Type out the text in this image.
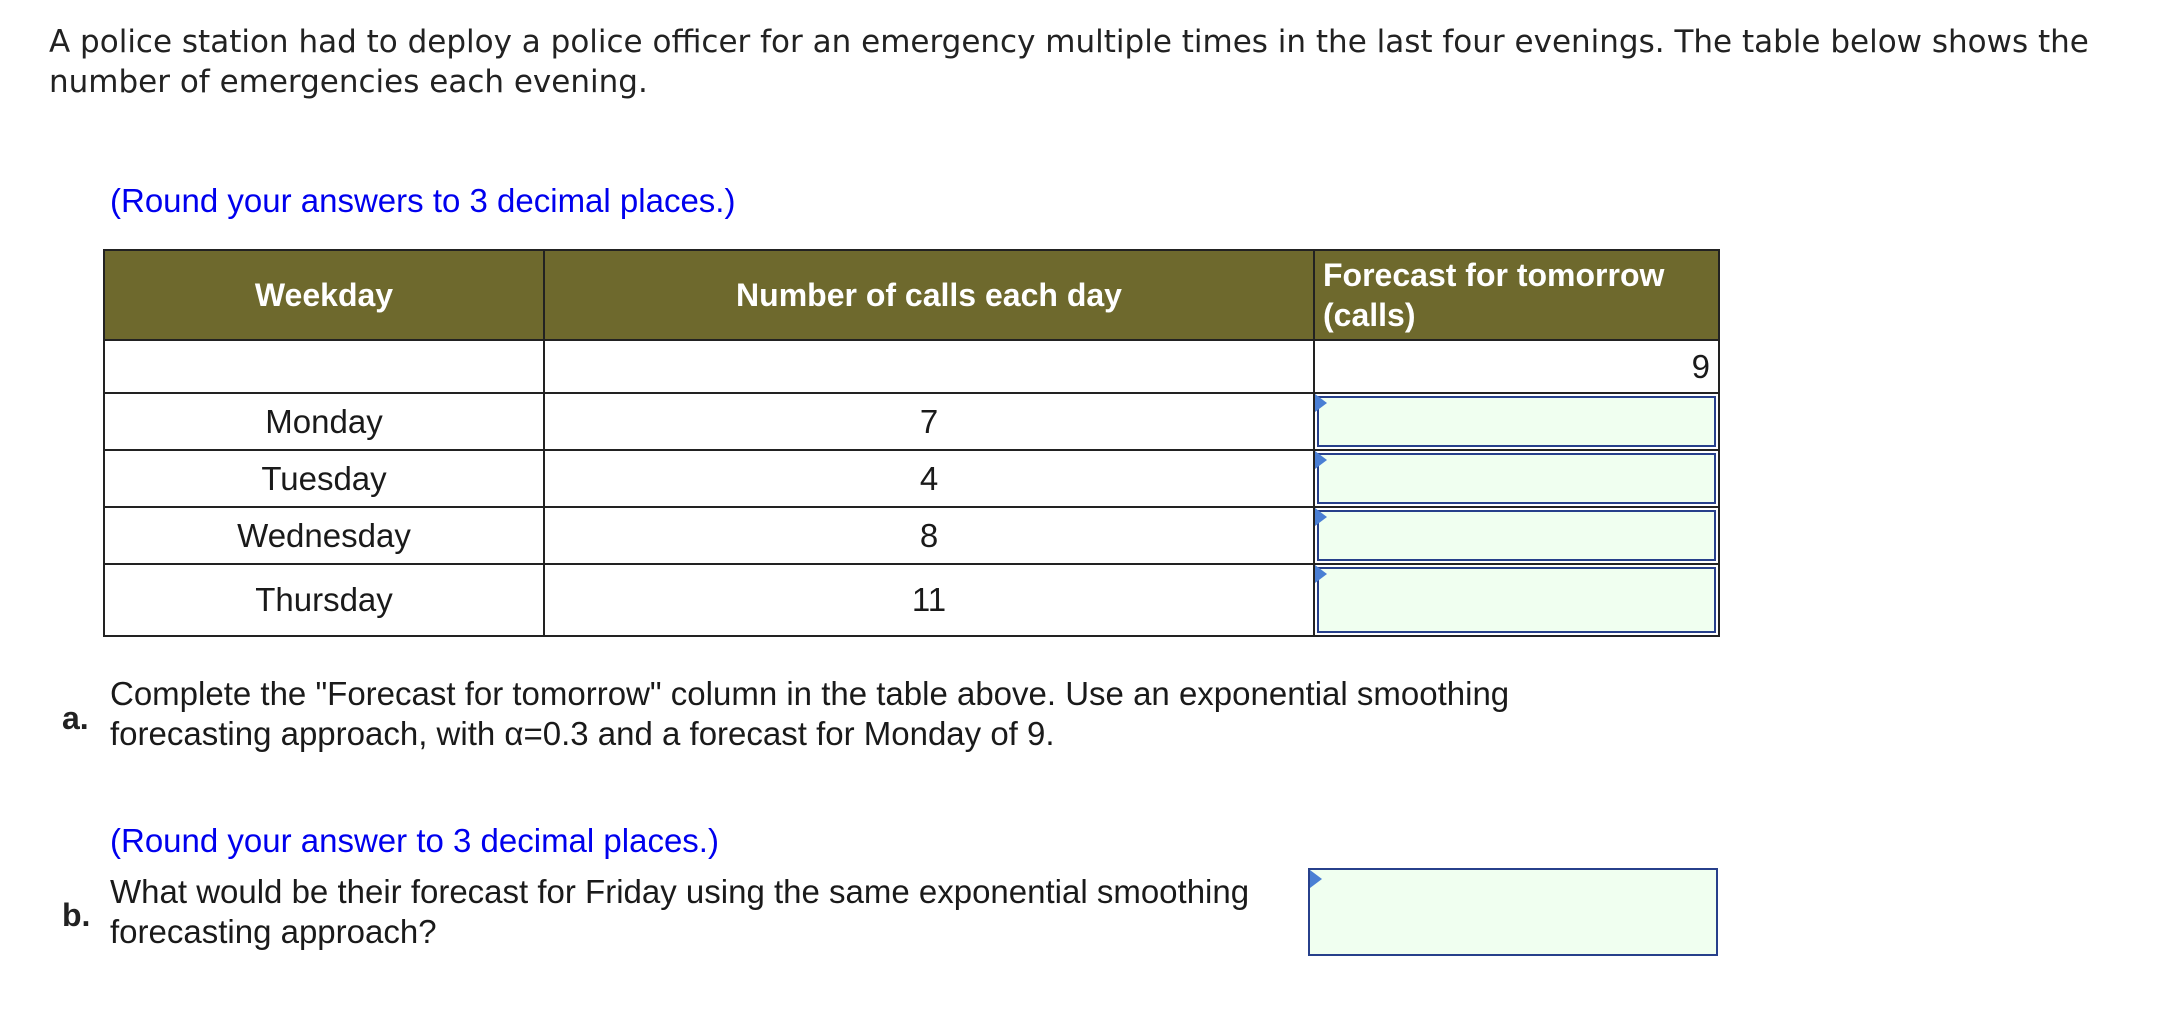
A police station had to deploy a police officer for an emergency multiple times in the last four evenings. The table below shows the number of emergencies each evening.
(Round your answers to 3 decimal places.)
Weekday	Number of calls each day	Forecast for tomorrow (calls)
		9
Monday	7	

Tuesday	4	

Wednesday	8	

Thursday	11	
a.
Complete the "Forecast for tomorrow" column in the table above. Use an exponential smoothing forecasting approach, with α=0.3 and a forecast for Monday of 9.
(Round your answer to 3 decimal places.)
b.
What would be their forecast for Friday using the same exponential smoothing forecasting approach?
